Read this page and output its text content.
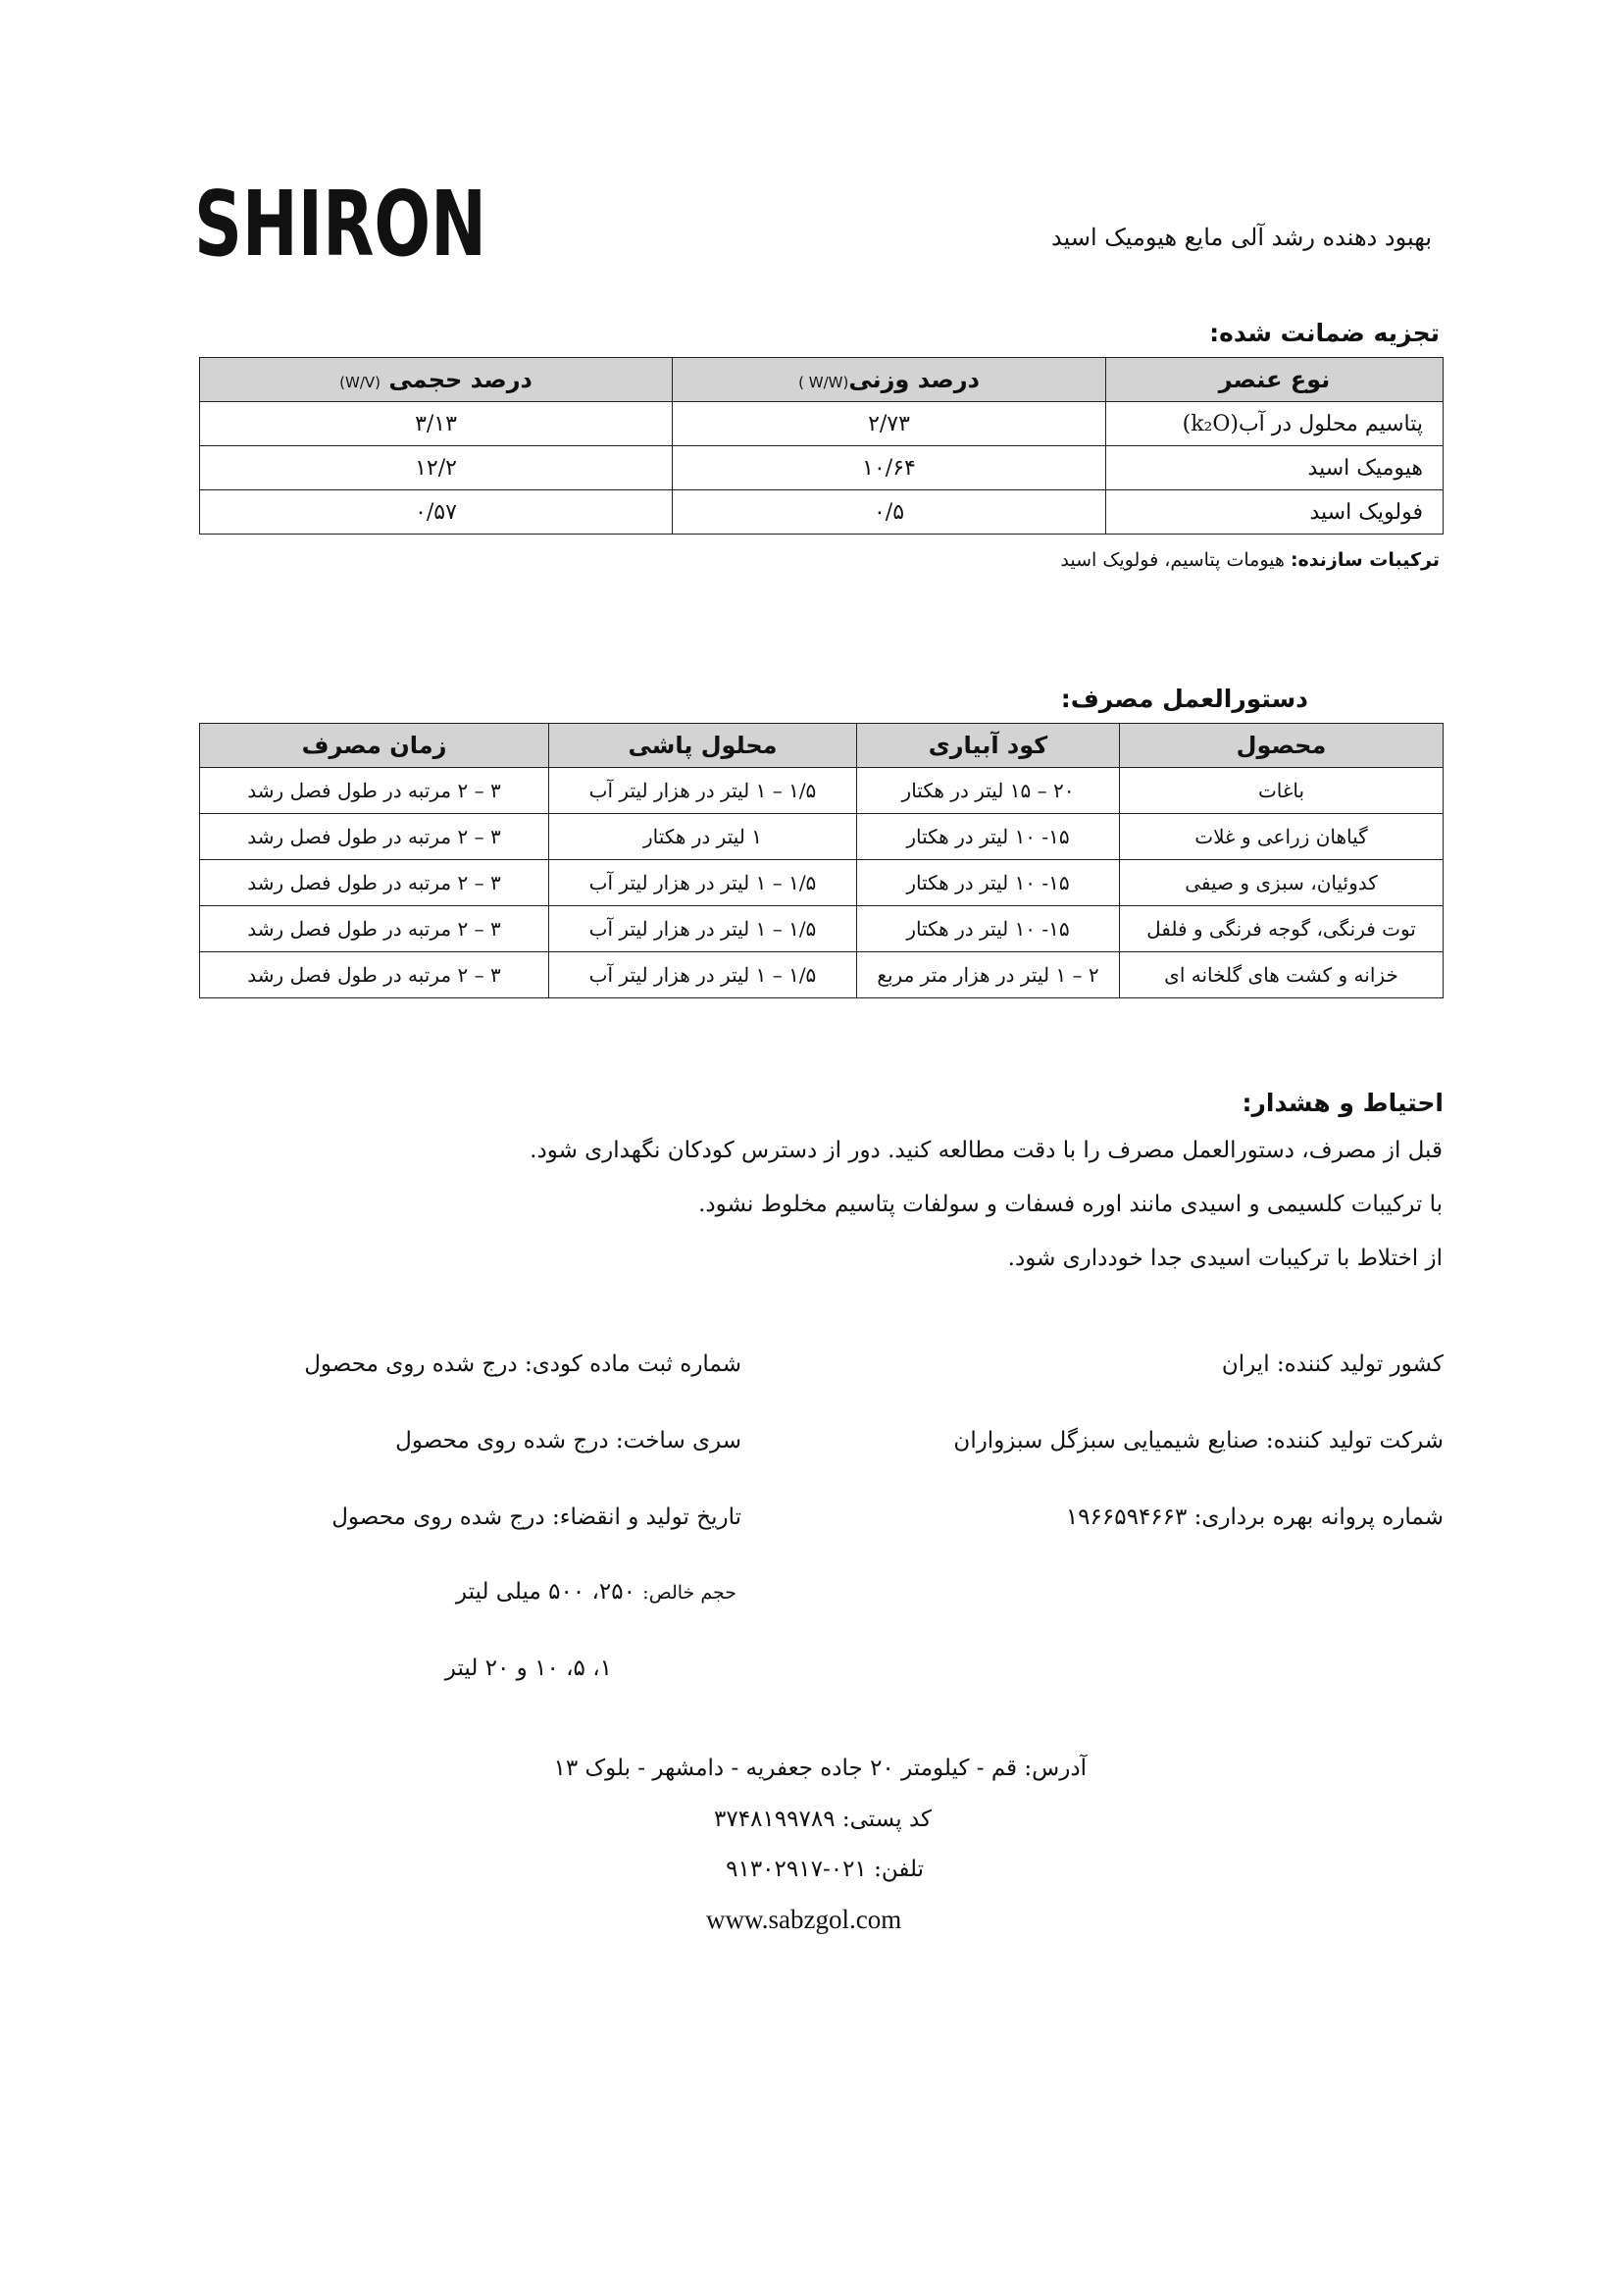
SHIRON	بهبود دهنده رشد آلی مایع هیومیک اسید
تجزیه ضمانت شده:
نوع عنصر	درصد وزنی(W/W )	درصد حجمی (W/V)
پتاسیم محلول در آب(k₂O)	۲/۷۳	۳/۱۳
هیومیک اسید	۱۰/۶۴	۱۲/۲
فولویک اسید	۰/۵	۰/۵۷
ترکیبات سازنده: هیومات پتاسیم، فولویک اسید
دستورالعمل مصرف:
محصول	کود آبیاری	محلول پاشی	زمان مصرف
باغات	۲۰ – ۱۵ لیتر در هکتار	۱/۵ – ۱ لیتر در هزار لیتر آب	۳ – ۲ مرتبه در طول فصل رشد
گیاهان زراعی و غلات	۱۵- ۱۰ لیتر در هکتار	۱ لیتر در هکتار	۳ – ۲ مرتبه در طول فصل رشد
کدوئیان، سبزی و صیفی	۱۵- ۱۰ لیتر در هکتار	۱/۵ – ۱ لیتر در هزار لیتر آب	۳ – ۲ مرتبه در طول فصل رشد
توت فرنگی، گوجه فرنگی و فلفل	۱۵- ۱۰ لیتر در هکتار	۱/۵ – ۱ لیتر در هزار لیتر آب	۳ – ۲ مرتبه در طول فصل رشد
خزانه و کشت های گلخانه ای	۲ – ۱ لیتر در هزار متر مربع	۱/۵ – ۱ لیتر در هزار لیتر آب	۳ – ۲ مرتبه در طول فصل رشد
احتیاط و هشدار:
قبل از مصرف، دستورالعمل مصرف را با دقت مطالعه کنید. دور از دسترس کودکان نگهداری شود.
با ترکیبات کلسیمی و اسیدی مانند اوره فسفات و سولفات پتاسیم مخلوط نشود.
از اختلاط با ترکیبات اسیدی جدا خودداری شود.
کشور تولید کننده: ایران
شرکت تولید کننده: صنایع شیمیایی سبزگل سبزواران
شماره پروانه بهره برداری: ۱۹۶۶۵۹۴۶۶۳
شماره ثبت ماده کودی: درج شده روی محصول
سری ساخت: درج شده روی محصول
تاریخ تولید و انقضاء: درج شده روی محصول
حجم خالص: ۲۵۰، ۵۰۰ میلی لیتر
۱، ۵، ۱۰ و ۲۰ لیتر
آدرس: قم - کیلومتر ۲۰ جاده جعفریه - دامشهر - بلوک ۱۳
کد پستی: ۳۷۴۸۱۹۹۷۸۹
تلفن: ۰۲۱-۹۱۳۰۲۹۱۷
www.sabzgol.com
